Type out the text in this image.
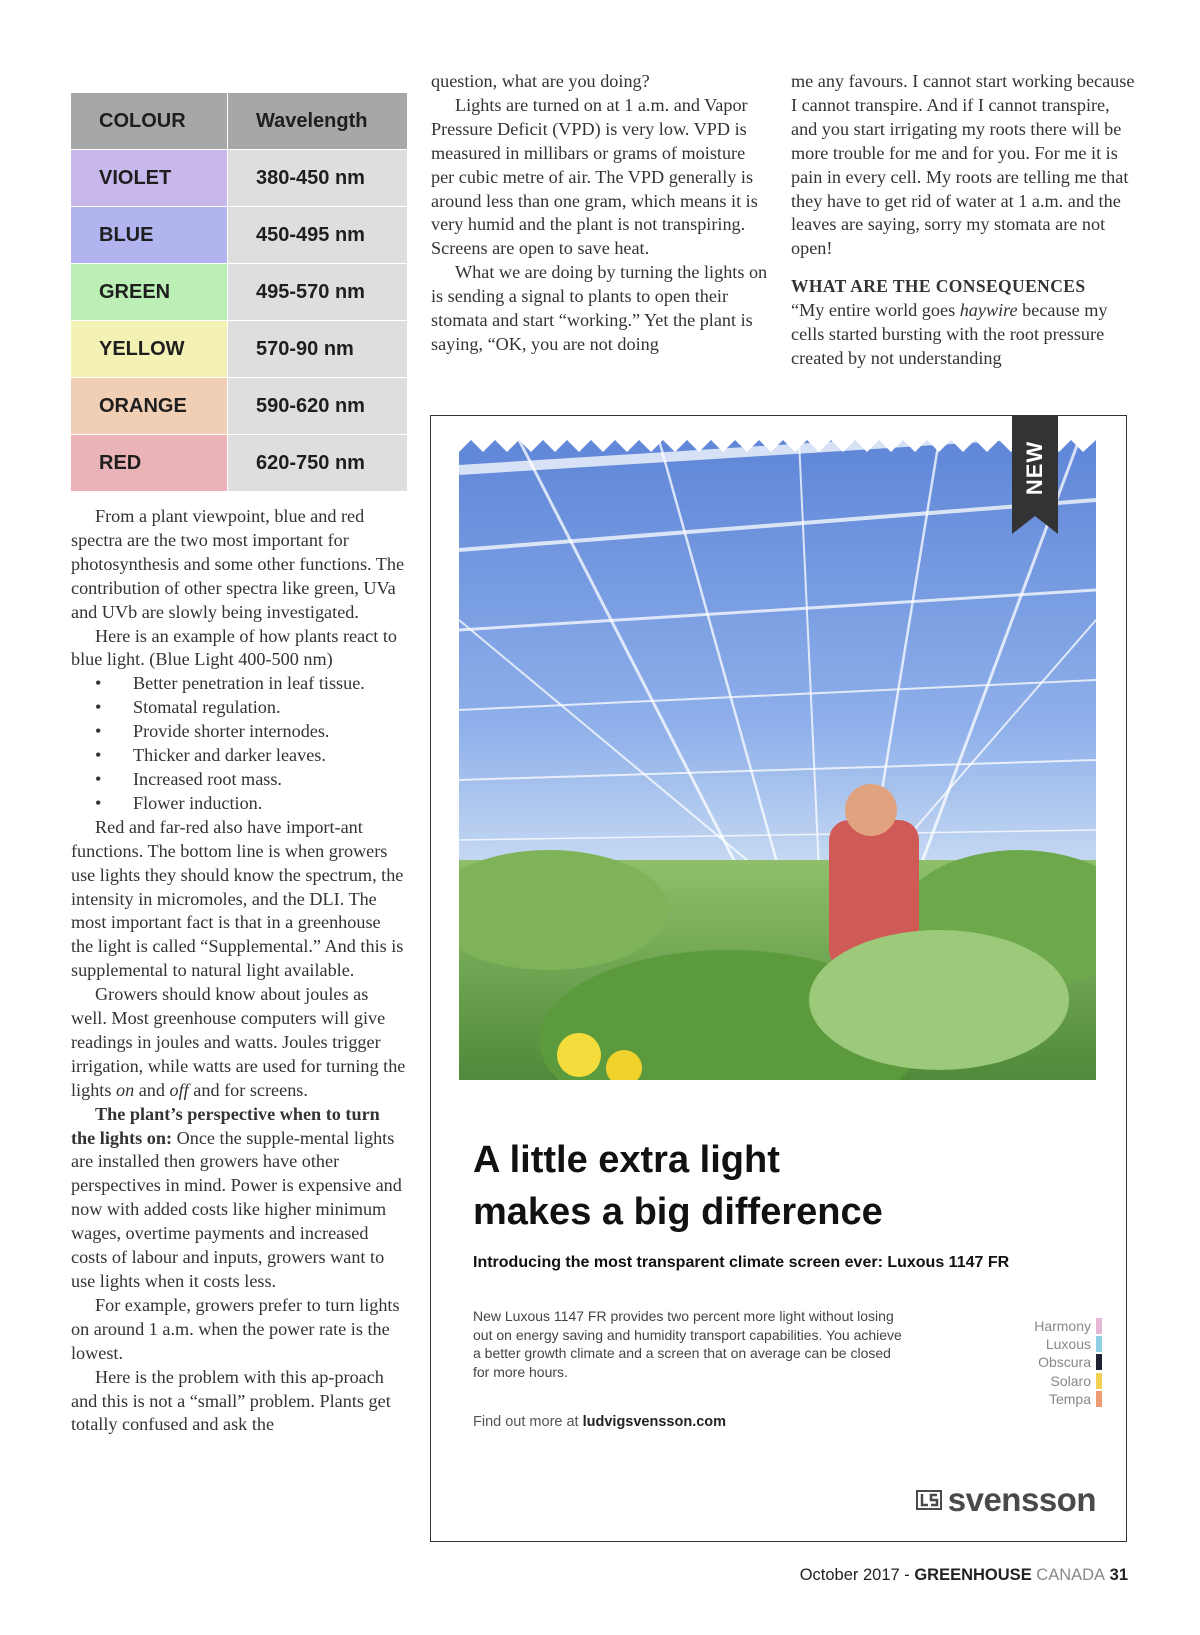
COLOUR	Wavelength
VIOLET	380-450 nm
BLUE	450-495 nm
GREEN	495-570 nm
YELLOW	570-90 nm
ORANGE	590-620 nm
RED	620-750 nm

From a plant viewpoint, blue and red spectra are the two most important for photosynthesis and some other functions. The contribution of other spectra like green, UVa and UVb are slowly being investigated.

Here is an example of how plants react to blue light. (Blue Light 400-500 nm)

• Better penetration in leaf tissue.
• Stomatal regulation.
• Provide shorter internodes.
• Thicker and darker leaves.
• Increased root mass.
• Flower induction.

Red and far-red also have import-ant functions. The bottom line is when growers use lights they should know the spectrum, the intensity in micromoles, and the DLI. The most important fact is that in a greenhouse the light is called “Supplemental.” And this is supplemental to natural light available.

Growers should know about joules as well. Most greenhouse computers will give readings in joules and watts. Joules trigger irrigation, while watts are used for turning the lights on and off and for screens.

The plant’s perspective when to turn the lights on: Once the supple-mental lights are installed then growers have other perspectives in mind. Power is expensive and now with added costs like higher minimum wages, overtime payments and increased costs of labour and inputs, growers want to use lights when it costs less.

For example, growers prefer to turn lights on around 1 a.m. when the power rate is the lowest.

Here is the problem with this ap-proach and this is not a “small” problem. Plants get totally confused and ask the

question, what are you doing?

Lights are turned on at 1 a.m. and Vapor Pressure Deficit (VPD) is very low. VPD is measured in millibars or grams of moisture per cubic metre of air. The VPD generally is around less than one gram, which means it is very humid and the plant is not transpiring. Screens are open to save heat.

What we are doing by turning the lights on is sending a signal to plants to open their stomata and start “working.” Yet the plant is saying, “OK, you are not doing

me any favours. I cannot start working because I cannot transpire. And if I cannot transpire, and you start irrigating my roots there will be more trouble for me and for you. For me it is pain in every cell. My roots are telling me that they have to get rid of water at 1 a.m. and the leaves are saying, sorry my stomata are not open!

WHAT ARE THE CONSEQUENCES

“My entire world goes haywire because my cells started bursting with the root pressure created by not understanding

NEW
A little extra light
makes a big difference
Introducing the most transparent climate screen ever: Luxous 1147 FR
New Luxous 1147 FR provides two percent more light without losing out on energy saving and humidity transport capabilities. You achieve a better growth climate and a screen that on average can be closed for more hours.
Find out more at ludvigsvensson.com
Harmony
Luxous
Obscura
Solaro
Tempa
svensson
October 2017 - GREENHOUSE CANADA 31
